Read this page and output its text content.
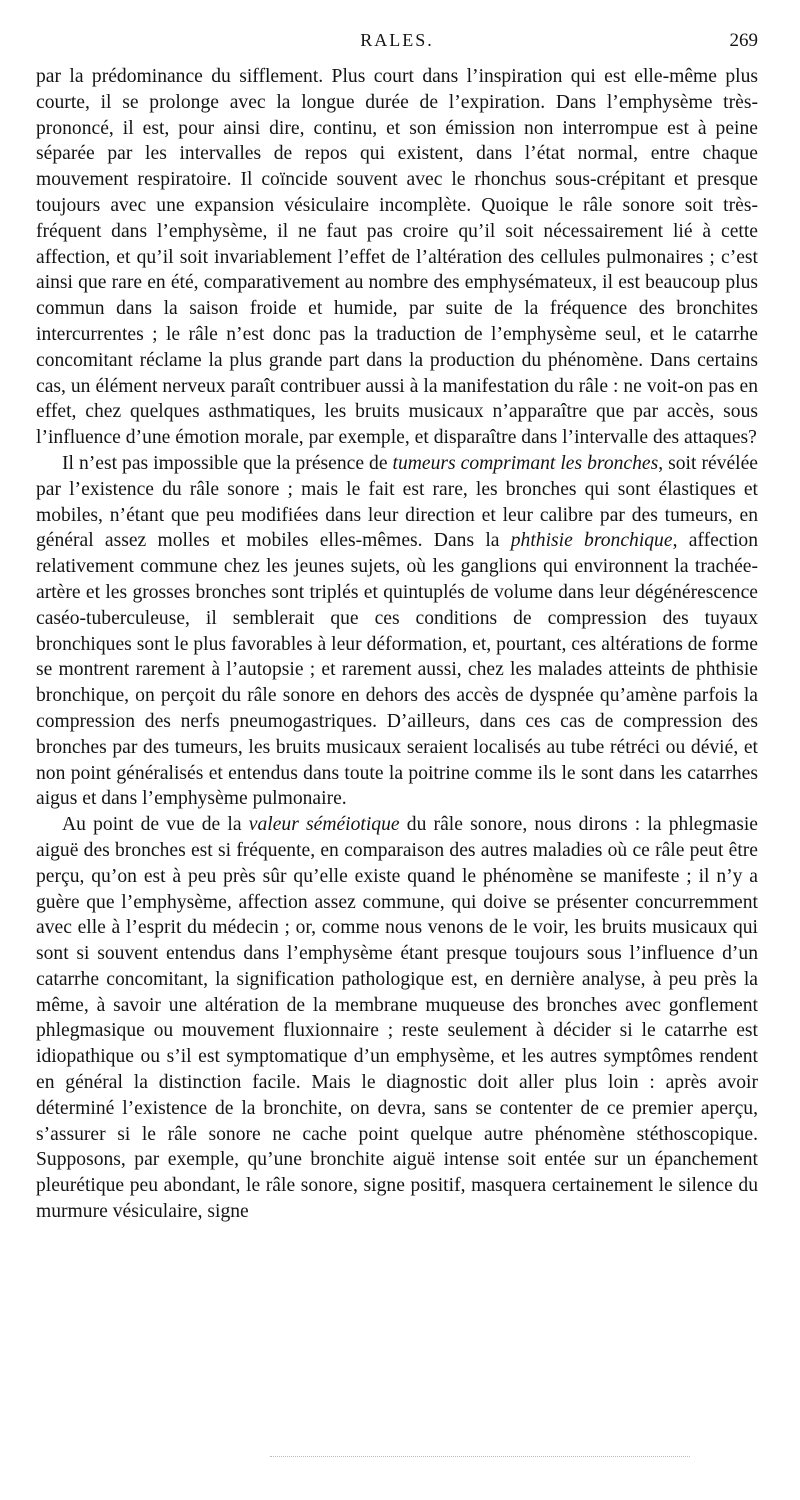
RALES.	269

par la prédominance du sifflement. Plus court dans l’inspiration qui est elle-même plus courte, il se prolonge avec la longue durée de l’expiration. Dans l’emphysème très-prononcé, il est, pour ainsi dire, continu, et son émission non interrompue est à peine séparée par les intervalles de repos qui existent, dans l’état normal, entre chaque mouvement respiratoire. Il coïncide souvent avec le rhonchus sous-crépitant et presque toujours avec une expansion vésiculaire incomplète. Quoique le râle sonore soit très-fréquent dans l’emphysème, il ne faut pas croire qu’il soit nécessairement lié à cette affection, et qu’il soit invariablement l’effet de l’altération des cellules pulmonaires ; c’est ainsi que rare en été, comparativement au nombre des emphysémateux, il est beaucoup plus commun dans la saison froide et humide, par suite de la fréquence des bronchites intercurrentes ; le râle n’est donc pas la traduction de l’emphysème seul, et le catarrhe concomitant réclame la plus grande part dans la production du phénomène. Dans certains cas, un élément nerveux paraît contribuer aussi à la manifestation du râle : ne voit-on pas en effet, chez quelques asthmatiques, les bruits musicaux n’apparaître que par accès, sous l’influence d’une émotion morale, par exemple, et disparaître dans l’intervalle des attaques?

Il n’est pas impossible que la présence de tumeurs comprimant les bronches, soit révélée par l’existence du râle sonore ; mais le fait est rare, les bronches qui sont élastiques et mobiles, n’étant que peu modifiées dans leur direction et leur calibre par des tumeurs, en général assez molles et mobiles elles-mêmes. Dans la phthisie bronchique, affection relativement commune chez les jeunes sujets, où les ganglions qui environnent la trachée-artère et les grosses bronches sont triplés et quintuplés de volume dans leur dégénérescence caséo-tuberculeuse, il semblerait que ces conditions de compression des tuyaux bronchiques sont le plus favorables à leur déformation, et, pourtant, ces altérations de forme se montrent rarement à l’autopsie ; et rarement aussi, chez les malades atteints de phthisie bronchique, on perçoit du râle sonore en dehors des accès de dyspnée qu’amène parfois la compression des nerfs pneumogastriques. D’ailleurs, dans ces cas de compression des bronches par des tumeurs, les bruits musicaux seraient localisés au tube rétréci ou dévié, et non point généralisés et entendus dans toute la poitrine comme ils le sont dans les catarrhes aigus et dans l’emphysème pulmonaire.

Au point de vue de la valeur séméiotique du râle sonore, nous dirons : la phlegmasie aiguë des bronches est si fréquente, en comparaison des autres maladies où ce râle peut être perçu, qu’on est à peu près sûr qu’elle existe quand le phénomène se manifeste ; il n’y a guère que l’emphysème, affection assez commune, qui doive se présenter concurremment avec elle à l’esprit du médecin ; or, comme nous venons de le voir, les bruits musicaux qui sont si souvent entendus dans l’emphysème étant presque toujours sous l’influence d’un catarrhe concomitant, la signification pathologique est, en dernière analyse, à peu près la même, à savoir une altération de la membrane muqueuse des bronches avec gonflement phlegmasique ou mouvement fluxionnaire ; reste seulement à décider si le catarrhe est idiopathique ou s’il est symptomatique d’un emphysème, et les autres symptômes rendent en général la distinction facile. Mais le diagnostic doit aller plus loin : après avoir déterminé l’existence de la bronchite, on devra, sans se contenter de ce premier aperçu, s’assurer si le râle sonore ne cache point quelque autre phénomène stéthoscopique. Supposons, par exemple, qu’une bronchite aiguë intense soit entée sur un épanchement pleurétique peu abondant, le râle sonore, signe positif, masquera certainement le silence du murmure vésiculaire, signe
